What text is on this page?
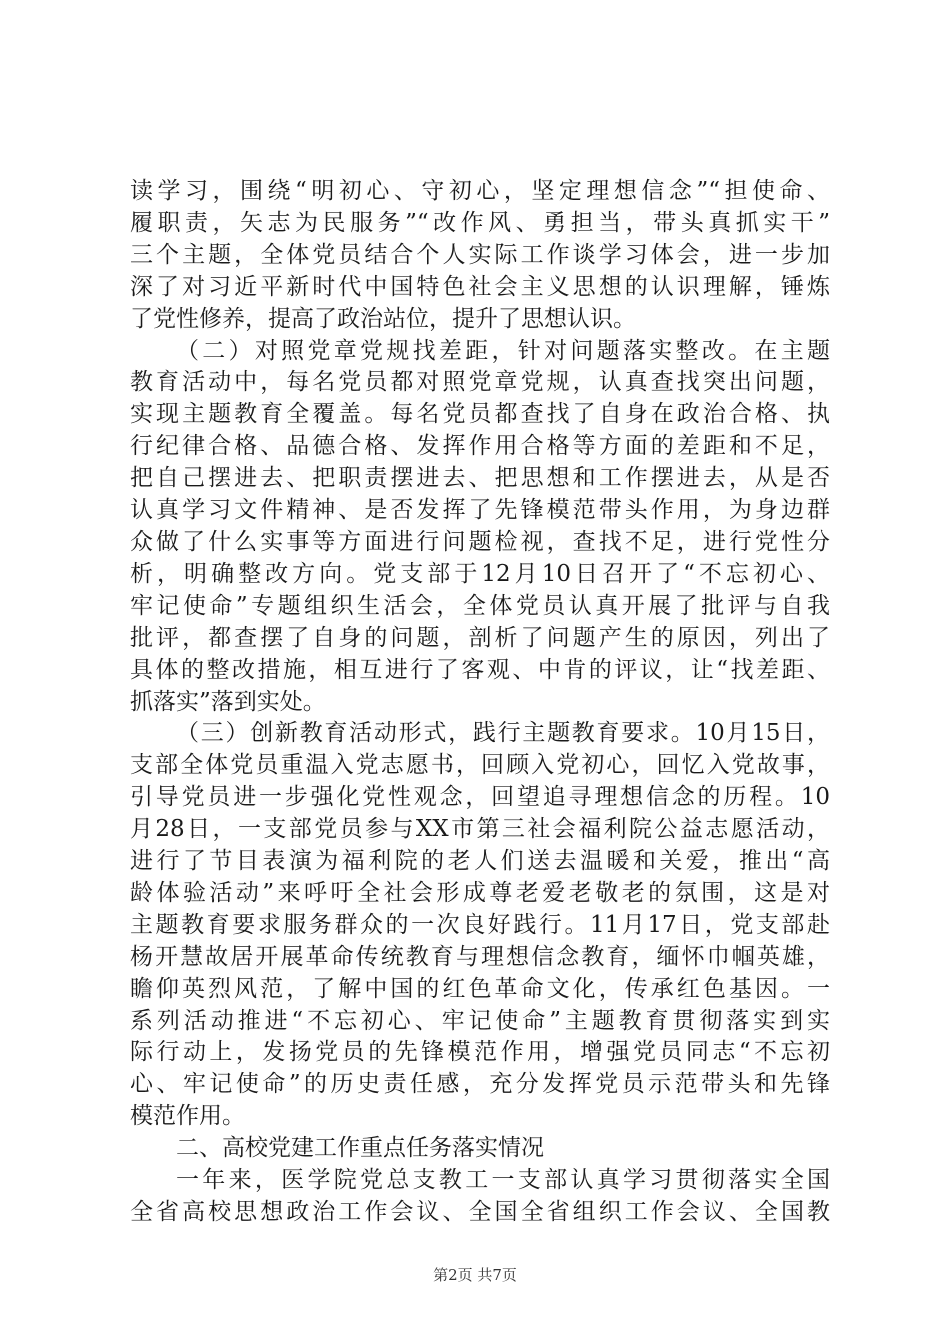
读学习，围绕“明初心、守初心，坚定理想信念”“担使命、
履职责，矢志为民服务”“改作风、勇担当，带头真抓实干”
三个主题，全体党员结合个人实际工作谈学习体会，进一步加
深了对习近平新时代中国特色社会主义思想的认识理解，锤炼
了党性修养，提高了政治站位，提升了思想认识。
（二）对照党章党规找差距，针对问题落实整改。在主题
教育活动中，每名党员都对照党章党规，认真查找突出问题，
实现主题教育全覆盖。每名党员都查找了自身在政治合格、执
行纪律合格、品德合格、发挥作用合格等方面的差距和不足，
把自己摆进去、把职责摆进去、把思想和工作摆进去，从是否
认真学习文件精神、是否发挥了先锋模范带头作用，为身边群
众做了什么实事等方面进行问题检视，查找不足，进行党性分
析，明确整改方向。党支部于12月10日召开了“不忘初心、
牢记使命”专题组织生活会，全体党员认真开展了批评与自我
批评，都查摆了自身的问题，剖析了问题产生的原因，列出了
具体的整改措施，相互进行了客观、中肯的评议，让“找差距、
抓落实”落到实处。
（三）创新教育活动形式，践行主题教育要求。10月15日，
支部全体党员重温入党志愿书，回顾入党初心，回忆入党故事，
引导党员进一步强化党性观念，回望追寻理想信念的历程。10
月28日，一支部党员参与XX市第三社会福利院公益志愿活动，
进行了节目表演为福利院的老人们送去温暖和关爱，推出“高
龄体验活动”来呼吁全社会形成尊老爱老敬老的氛围，这是对
主题教育要求服务群众的一次良好践行。11月17日，党支部赴
杨开慧故居开展革命传统教育与理想信念教育，缅怀巾帼英雄，
瞻仰英烈风范，了解中国的红色革命文化，传承红色基因。一
系列活动推进“不忘初心、牢记使命”主题教育贯彻落实到实
际行动上，发扬党员的先锋模范作用，增强党员同志“不忘初
心、牢记使命”的历史责任感，充分发挥党员示范带头和先锋
模范作用。
二、高校党建工作重点任务落实情况
一年来，医学院党总支教工一支部认真学习贯彻落实全国
全省高校思想政治工作会议、全国全省组织工作会议、全国教
第2页 共7页
